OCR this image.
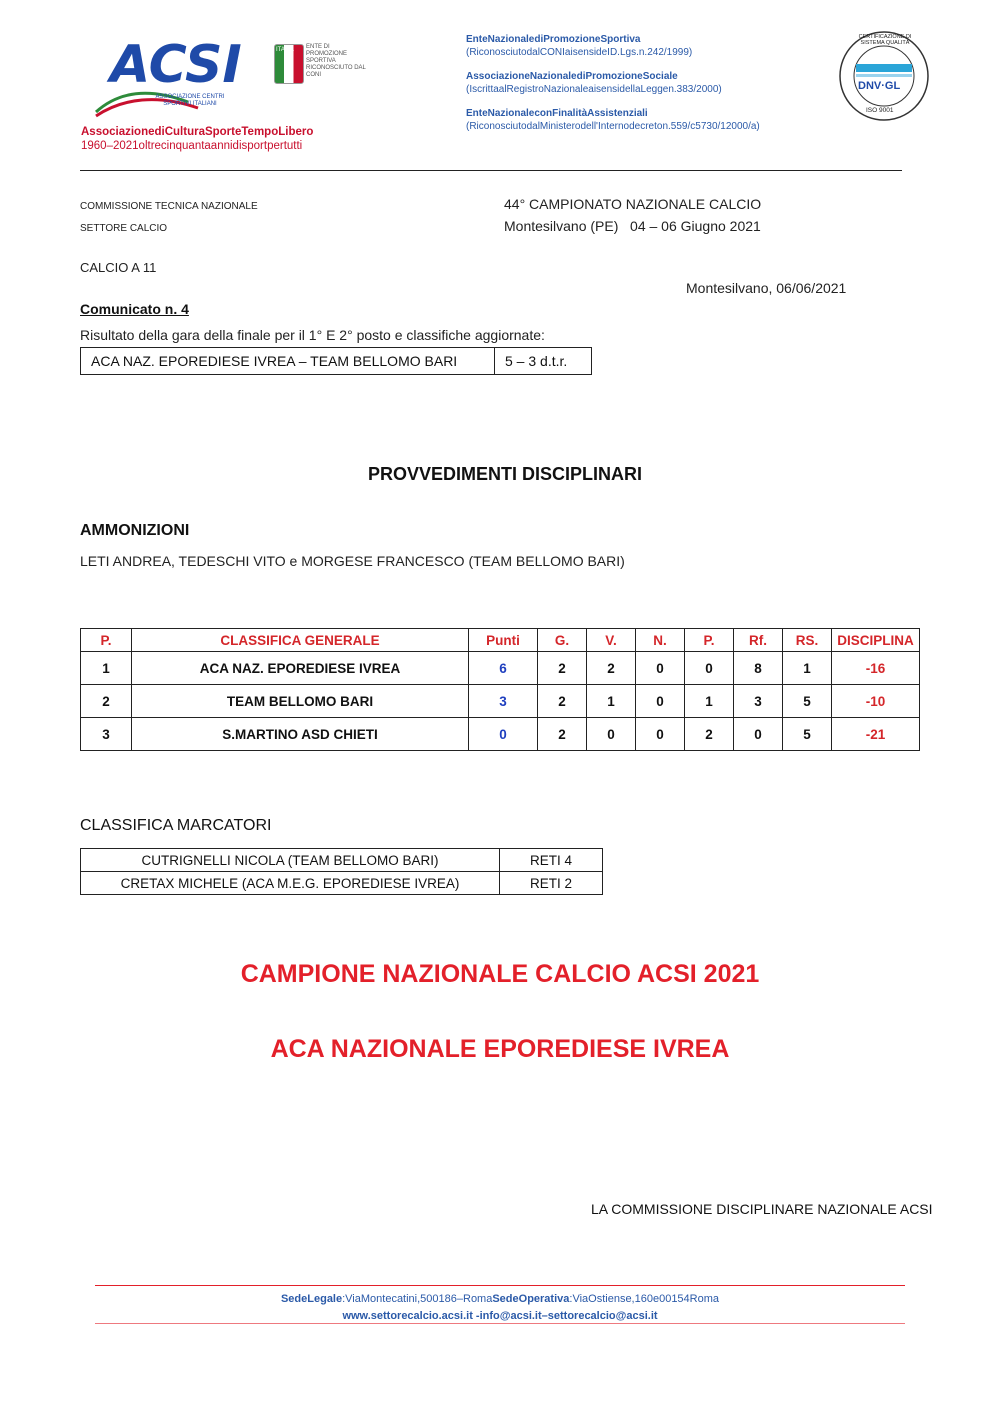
ACSI
ASSOCIAZIONE CENTRI SPORTIVI ITALIANI
ITALIA ENTE DI PROMOZIONE SPORTIVA RICONOSCIUTO DAL CONI
AssociazionediCulturaSporteTempoLibero
1960–2021oltrecinquantaannidisportpertutti
EnteNazionalediPromozioneSportiva
(RiconosciutodalCONIaisensideID.Lgs.n.242/1999)
AssociazioneNazionalediPromozioneSociale
(IscrittaalRegistroNazionaleaisensidellaLeggen.383/2000)
EnteNazionaleconFinalitàAssistenziali
(RiconosciutodalMinisterodell'Internodecreton.559/c5730/12000/a)
DNV·GL
ISO 9001
CERTIFICAZIONE DI SISTEMA QUALITÀ
COMMISSIONE TECNICA NAZIONALE
SETTORE CALCIO
44° CAMPIONATO NAZIONALE CALCIO
Montesilvano (PE)   04 – 06 Giugno 2021
CALCIO A 11
Montesilvano, 06/06/2021
Comunicato n. 4
Risultato della gara della finale per il 1° E 2° posto e classifiche aggiornate:
ACA NAZ. EPOREDIESE IVREA – TEAM BELLOMO BARI	5 – 3 d.t.r.
PROVVEDIMENTI DISCIPLINARI
AMMONIZIONI
LETI ANDREA, TEDESCHI VITO e MORGESE FRANCESCO (TEAM BELLOMO BARI)
P.	CLASSIFICA GENERALE	Punti	G.	V.	N.	P.	Rf.	RS.	DISCIPLINA
1	ACA NAZ. EPOREDIESE IVREA	6	2	2	0	0	8	1	-16
2	TEAM BELLOMO BARI	3	2	1	0	1	3	5	-10
3	S.MARTINO ASD CHIETI	0	2	0	0	2	0	5	-21
CLASSIFICA MARCATORI
CUTRIGNELLI NICOLA (TEAM BELLOMO BARI)	RETI 4
CRETAX MICHELE (ACA M.E.G. EPOREDIESE IVREA)	RETI 2
CAMPIONE NAZIONALE CALCIO ACSI 2021
ACA NAZIONALE EPOREDIESE IVREA
LA COMMISSIONE DISCIPLINARE NAZIONALE ACSI
SedeLegale:ViaMontecatini,500186–RomaSedeOperativa:ViaOstiense,160e00154Roma
www.settorecalcio.acsi.it -info@acsi.it–settorecalcio@acsi.it
